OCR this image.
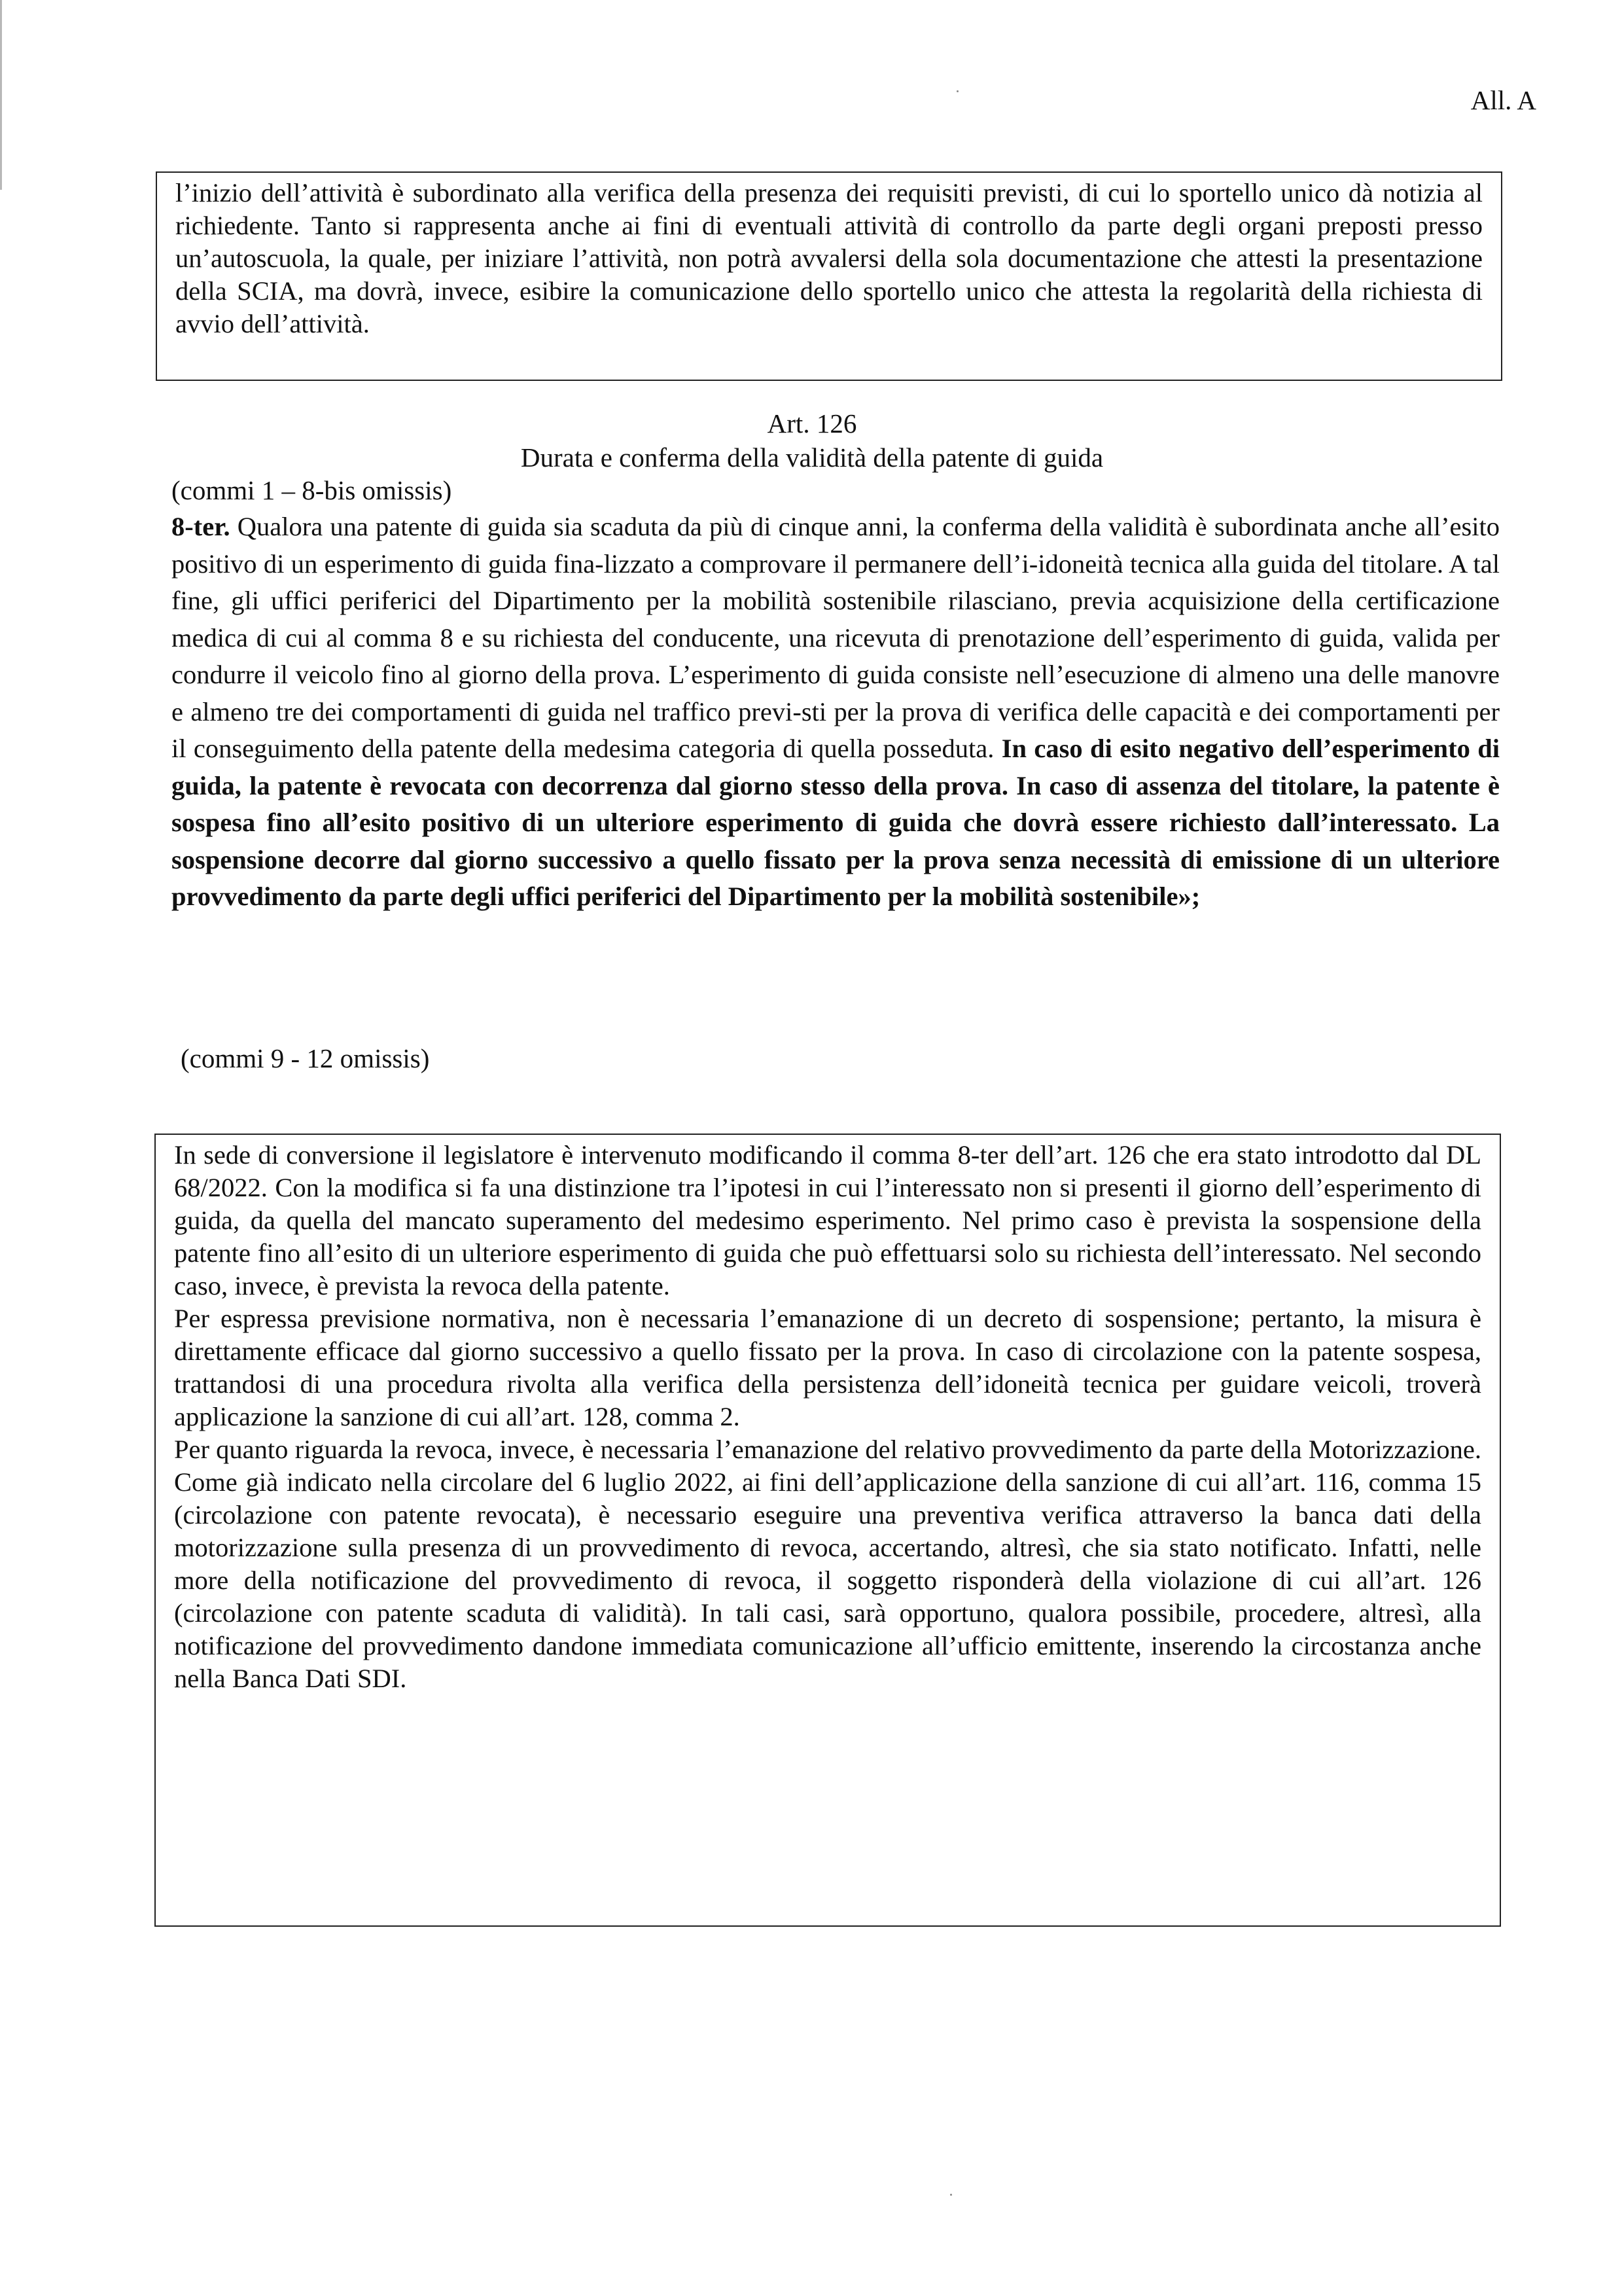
All. A

l’inizio dell’attività è subordinato alla verifica della presenza dei requisiti previsti, di cui lo sportello unico dà notizia al richiedente. Tanto si rappresenta anche ai fini di eventuali attività di controllo da parte degli organi preposti presso un’autoscuola, la quale, per iniziare l’attività, non potrà avvalersi della sola documentazione che attesti la presentazione della SCIA, ma dovrà, invece, esibire la comunicazione dello sportello unico che attesta la regolarità della richiesta di avvio dell’attività.

Art. 126

Durata e conferma della validità della patente di guida

(commi 1 – 8-bis omissis)

8-ter. Qualora una patente di guida sia scaduta da più di cinque anni, la conferma della validità è subordinata anche all’esito positivo di un esperimento di guida fina-lizzato a comprovare il permanere dell’i-idoneità tecnica alla guida del titolare. A tal fine, gli uffici periferici del Dipartimento per la mobilità sostenibile rilasciano, previa acquisizione della certificazione medica di cui al comma 8 e su richiesta del conducente, una ricevuta di prenotazione dell’esperimento di guida, valida per condurre il veicolo fino al giorno della prova. L’esperimento di guida consiste nell’esecuzione di almeno una delle manovre e almeno tre dei comportamenti di guida nel traffico previ-sti per la prova di verifica delle capacità e dei comportamenti per il conseguimento della patente della medesima categoria di quella posseduta. In caso di esito negativo dell’esperimento di guida, la patente è revocata con decorrenza dal giorno stesso della prova. In caso di assenza del titolare, la patente è sospesa fino all’esito positivo di un ulteriore esperimento di guida che dovrà essere richiesto dall’interessato. La sospensione decorre dal giorno successivo a quello fissato per la prova senza necessità di emissione di un ulteriore provvedimento da parte degli uffici periferici del Dipartimento per la mobilità sostenibile»;

(commi 9 - 12 omissis)

In sede di conversione il legislatore è intervenuto modificando il comma 8-ter dell’art. 126 che era stato introdotto dal DL 68/2022. Con la modifica si fa una distinzione tra l’ipotesi in cui l’interessato non si presenti il giorno dell’esperimento di guida, da quella del mancato superamento del medesimo esperimento. Nel primo caso è prevista la sospensione della patente fino all’esito di un ulteriore esperimento di guida che può effettuarsi solo su richiesta dell’interessato. Nel secondo caso, invece, è prevista la revoca della patente.

Per espressa previsione normativa, non è necessaria l’emanazione di un decreto di sospensione; pertanto, la misura è direttamente efficace dal giorno successivo a quello fissato per la prova. In caso di circolazione con la patente sospesa, trattandosi di una procedura rivolta alla verifica della persistenza dell’idoneità tecnica per guidare veicoli, troverà applicazione la sanzione di cui all’art. 128, comma 2.

Per quanto riguarda la revoca, invece, è necessaria l’emanazione del relativo provvedimento da parte della Motorizzazione. Come già indicato nella circolare del 6 luglio 2022, ai fini dell’applicazione della sanzione di cui all’art. 116, comma 15 (circolazione con patente revocata), è necessario eseguire una preventiva verifica attraverso la banca dati della motorizzazione sulla presenza di un provvedimento di revoca, accertando, altresì, che sia stato notificato. Infatti, nelle more della notificazione del provvedimento di revoca, il soggetto risponderà della violazione di cui all’art. 126 (circolazione con patente scaduta di validità). In tali casi, sarà opportuno, qualora possibile, procedere, altresì, alla notificazione del provvedimento dandone immediata comunicazione all’ufficio emittente, inserendo la circostanza anche nella Banca Dati SDI.
